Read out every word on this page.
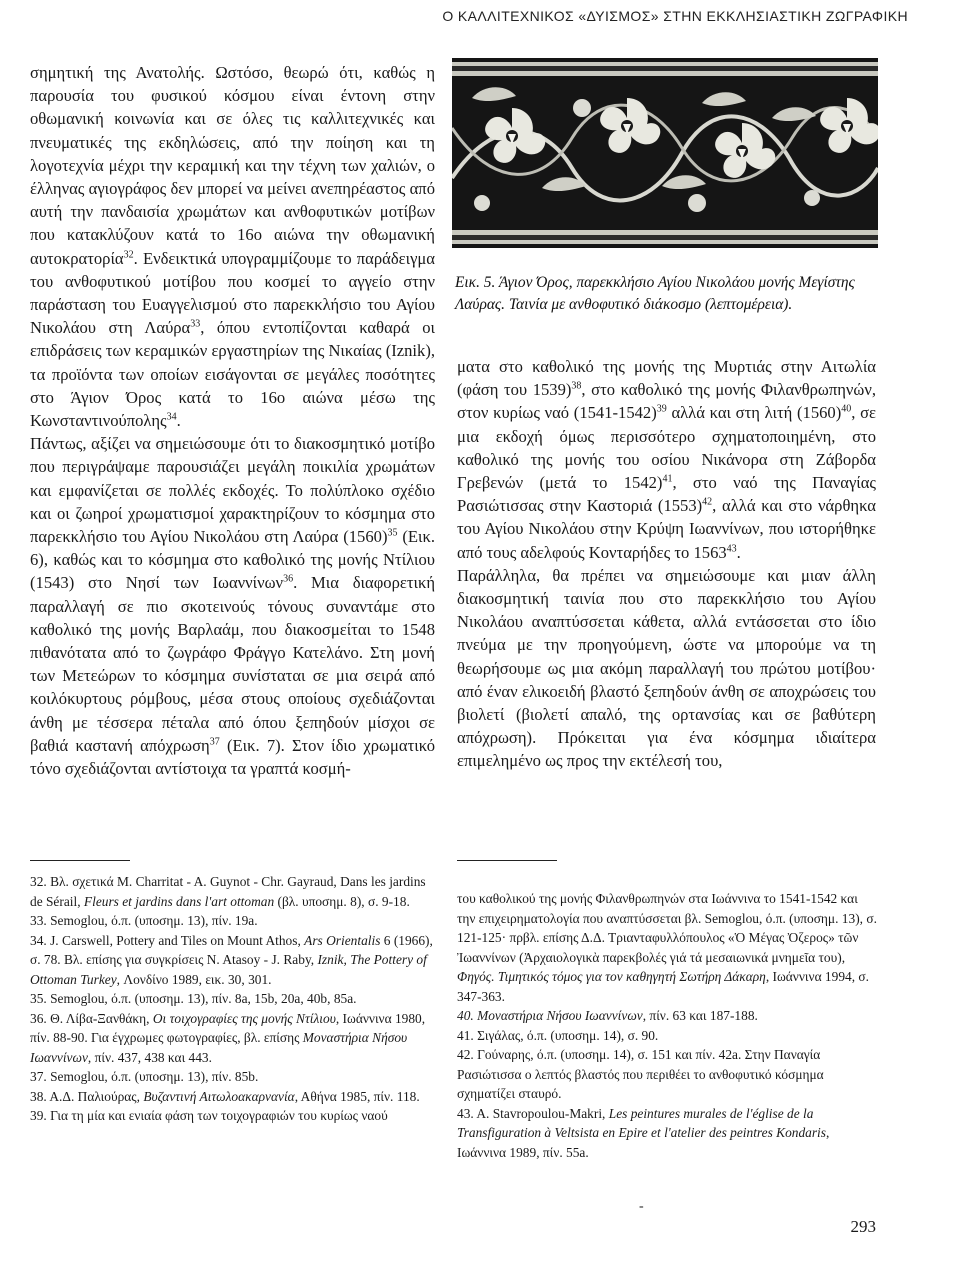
Ο ΚΑΛΛΙΤΕΧΝΙΚΟΣ «ΔΥΙΣΜΟΣ» ΣΤΗΝ ΕΚΚΛΗΣΙΑΣΤΙΚΗ ΖΩΓΡΑΦΙΚΗ

σημητική της Ανατολής. Ωστόσο, θεωρώ ότι, καθώς η παρουσία του φυσικού κόσμου είναι έντονη στην οθωμανική κοινωνία και σε όλες τις καλλιτεχνικές και πνευματικές της εκδηλώσεις, από την ποίηση και τη λογοτεχνία μέχρι την κεραμική και την τέχνη των χαλιών, ο έλληνας αγιογράφος δεν μπορεί να μείνει ανεπηρέαστος από αυτή την πανδαισία χρωμάτων και ανθοφυτικών μοτίβων που κατακλύζουν κατά το 16ο αιώνα την οθωμανική αυτοκρατορία$^{32}$. Ενδεικτικά υπογραμμίζουμε το παράδειγμα του ανθοφυτικού μοτίβου που κοσμεί το αγγείο στην παράσταση του Ευαγγελισμού στο παρεκκλήσιο του Αγίου Νικολάου στη Λαύρα$^{33}$, όπου εντοπίζονται καθαρά οι επιδράσεις των κεραμικών εργαστηρίων της Νικαίας (Iznik), τα προϊόντα των οποίων εισάγονται σε μεγάλες ποσότητες στο Άγιον Όρος κατά το 16ο αιώνα μέσω της Κωνσταντινούπολης$^{34}$.

Πάντως, αξίζει να σημειώσουμε ότι το διακοσμητικό μοτίβο που περιγράψαμε παρουσιάζει μεγάλη ποικιλία χρωμάτων και εμφανίζεται σε πολλές εκδοχές. Το πολύπλοκο σχέδιο και οι ζωηροί χρωματισμοί χαρακτηρίζουν το κόσμημα στο παρεκκλήσιο του Αγίου Νικολάου στη Λαύρα $(1560)^{35}$ (Εικ. 6), καθώς και το κόσμημα στο καθολικό της μονής Ντίλιου (1543) στο Νησί των Ιωαννίνων$^{36}$. Μια διαφορετική παραλλαγή σε πιο σκοτεινούς τόνους συναντάμε στο καθολικό της μονής Βαρλαάμ, που διακοσμείται το 1548 πιθανότατα από το ζωγράφο Φράγγο Κατελάνο. Στη μονή των Μετεώρων το κόσμημα συνίσταται σε μια σειρά από κοιλόκυρτους ρόμβους, μέσα στους οποίους σχεδιάζονται άνθη με τέσσερα πέταλα από όπου ξεπηδούν μίσχοι σε βαθιά καστανή απόχρωση$^{37}$ (Εικ. 7). Στον ίδιο χρωματικό τόνο σχεδιάζονται αντίστοιχα τα γραπτά κοσμή-

Εικ. 5. Άγιον Όρος, παρεκκλήσιο Αγίου Νικολάου μονής Μεγίστης Λαύρας. Ταινία με ανθοφυτικό διάκοσμο (λεπτομέρεια).

ματα στο καθολικό της μονής της Μυρτιάς στην Αιτωλία (φάση του 1539)$^{38}$, στο καθολικό της μονής Φιλανθρωπηνών, στον κυρίως ναό (1541-1542)$^{39}$ αλλά και στη λιτή $(1560)^{40}$, σε μια εκδοχή όμως περισσότερο σχηματοποιημένη, στο καθολικό της μονής του οσίου Νικάνορα στη Ζάβορδα Γρεβενών (μετά το 1542)$^{41}$, στο ναό της Παναγίας Ρασιώτισσας στην Καστοριά $(1553)^{42}$, αλλά και στο νάρθηκα του Αγίου Νικολάου στην Κρύψη Ιωαννίνων, που ιστορήθηκε από τους αδελφούς Κονταρήδες το 1563$^{43}$.

Παράλληλα, θα πρέπει να σημειώσουμε και μιαν άλλη διακοσμητική ταινία που στο παρεκκλήσιο του Αγίου Νικολάου αναπτύσσεται κάθετα, αλλά εντάσσεται στο ίδιο πνεύμα με την προηγούμενη, ώστε να μπορούμε να τη θεωρήσουμε ως μια ακόμη παραλλαγή του πρώτου μοτίβου· από έναν ελικοειδή βλαστό ξεπηδούν άνθη σε αποχρώσεις του βιολετί (βιολετί απαλό, της ορτανσίας και σε βαθύτερη απόχρωση). Πρόκειται για ένα κόσμημα ιδιαίτερα επιμελημένο ως προς την εκτέλεσή του,

32. Βλ. σχετικά M. Charritat - A. Guynot - Chr. Gayraud, Dans les jardins de Sérail, Fleurs et jardins dans l'art ottoman (βλ. υποσημ. 8), σ. 9-18.

33. Semoglou, ό.π. (υποσημ. 13), πίν. 19a.

34. J. Carswell, Pottery and Tiles on Mount Athos, Ars Orientalis 6 (1966), σ. 78. Βλ. επίσης για συγκρίσεις N. Atasoy - J. Raby, Iznik, The Pottery of Ottoman Turkey, Λονδίνο 1989, εικ. 30, 301.

35. Semoglou, ό.π. (υποσημ. 13), πίν. 8a, 15b, 20a, 40b, 85a.

36. Θ. Λίβα-Ξανθάκη, Οι τοιχογραφίες της μονής Ντίλιου, Ιωάννινα 1980, πίν. 88-90. Για έγχρωμες φωτογραφίες, βλ. επίσης Μοναστήρια Νήσου Ιωαννίνων, πίν. 437, 438 και 443.

37. Semoglou, ό.π. (υποσημ. 13), πίν. 85b.

38. Α.Δ. Παλιούρας, Βυζαντινή Αιτωλοακαρνανία, Αθήνα 1985, πίν. 118.

39. Για τη μία και ενιαία φάση των τοιχογραφιών του κυρίως ναού

του καθολικού της μονής Φιλανθρωπηνών στα Ιωάννινα το 1541-1542 και την επιχειρηματολογία που αναπτύσσεται βλ. Semoglou, ό.π. (υποσημ. 13), σ. 121-125· πρβλ. επίσης Δ.Δ. Τριανταφυλλόπουλος «Ὁ Μέγας Ὀζερος» τῶν Ἰωαννίνων (Ἀρχαιολογικὰ παρεκβολές γιά τά μεσαιωνικά μνημεῖα του), Φηγός. Τιμητικός τόμος για τον καθηγητή Σωτήρη Δάκαρη, Ιωάννινα 1994, σ. 347-363.

40. Μοναστήρια Νήσου Ιωαννίνων, πίν. 63 και 187-188.

41. Σιγάλας, ό.π. (υποσημ. 14), σ. 90.

42. Γούναρης, ό.π. (υποσημ. 14), σ. 151 και πίν. 42a. Στην Παναγία Ρασιώτισσα ο λεπτός βλαστός που περιθέει το ανθοφυτικό κόσμημα σχηματίζει σταυρό.

43. A. Stavropoulou-Makri, Les peintures murales de l'église de la Transfiguration à Veltsista en Epire et l'atelier des peintres Kondaris, Ιωάννινα 1989, πίν. 55a.

-
293
